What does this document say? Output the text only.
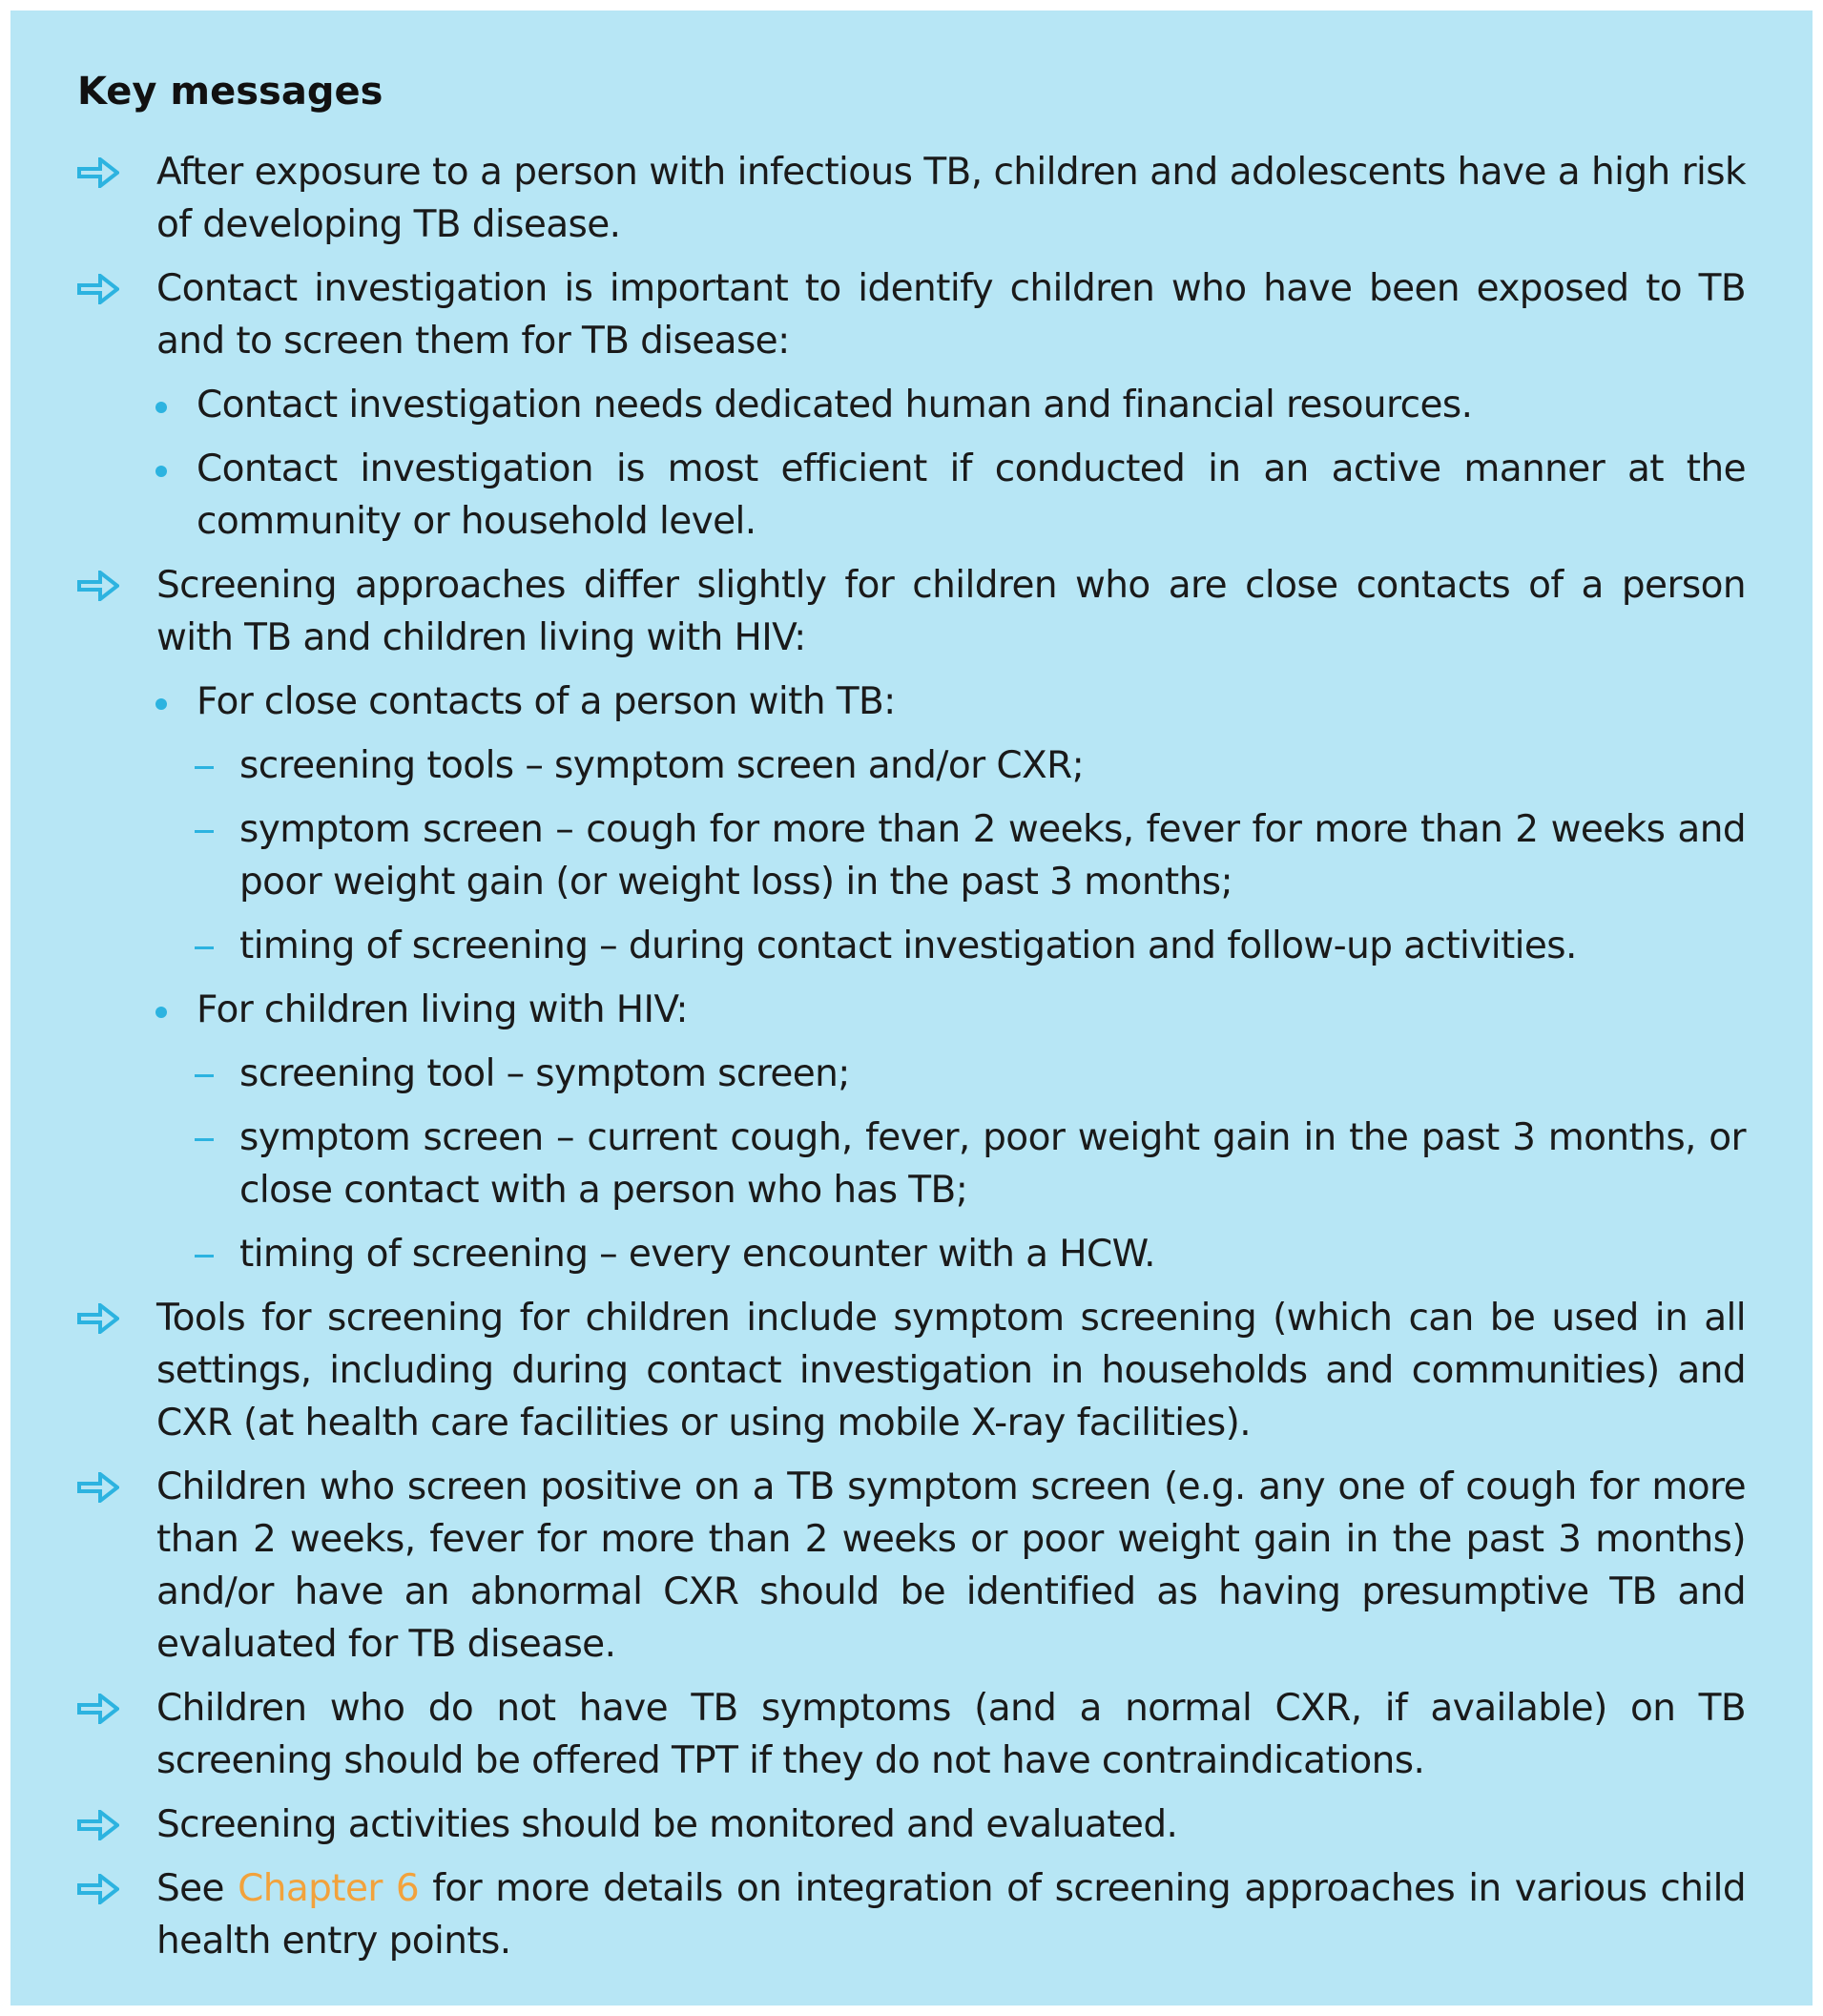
Key messages
After exposure to a person with infectious TB, children and adolescents have a high risk of developing TB disease.
Contact investigation is important to identify children who have been exposed to TB and to screen them for TB disease:
Contact investigation needs dedicated human and financial resources.
Contact investigation is most efficient if conducted in an active manner at the community or household level.
Screening approaches differ slightly for children who are close contacts of a person with TB and children living with HIV:
For close contacts of a person with TB:
screening tools – symptom screen and/or CXR;
symptom screen – cough for more than 2 weeks, fever for more than 2 weeks and poor weight gain (or weight loss) in the past 3 months;
timing of screening – during contact investigation and follow-up activities.
For children living with HIV:
screening tool – symptom screen;
symptom screen – current cough, fever, poor weight gain in the past 3 months, or close contact with a person who has TB;
timing of screening – every encounter with a HCW.
Tools for screening for children include symptom screening (which can be used in all settings, including during contact investigation in households and communities) and CXR (at health care facilities or using mobile X-ray facilities).
Children who screen positive on a TB symptom screen (e.g. any one of cough for more than 2 weeks, fever for more than 2 weeks or poor weight gain in the past 3 months) and/or have an abnormal CXR should be identified as having presumptive TB and evaluated for TB disease.
Children who do not have TB symptoms (and a normal CXR, if available) on TB screening should be offered TPT if they do not have contraindications.
Screening activities should be monitored and evaluated.
See Chapter 6 for more details on integration of screening approaches in various child health entry points.
